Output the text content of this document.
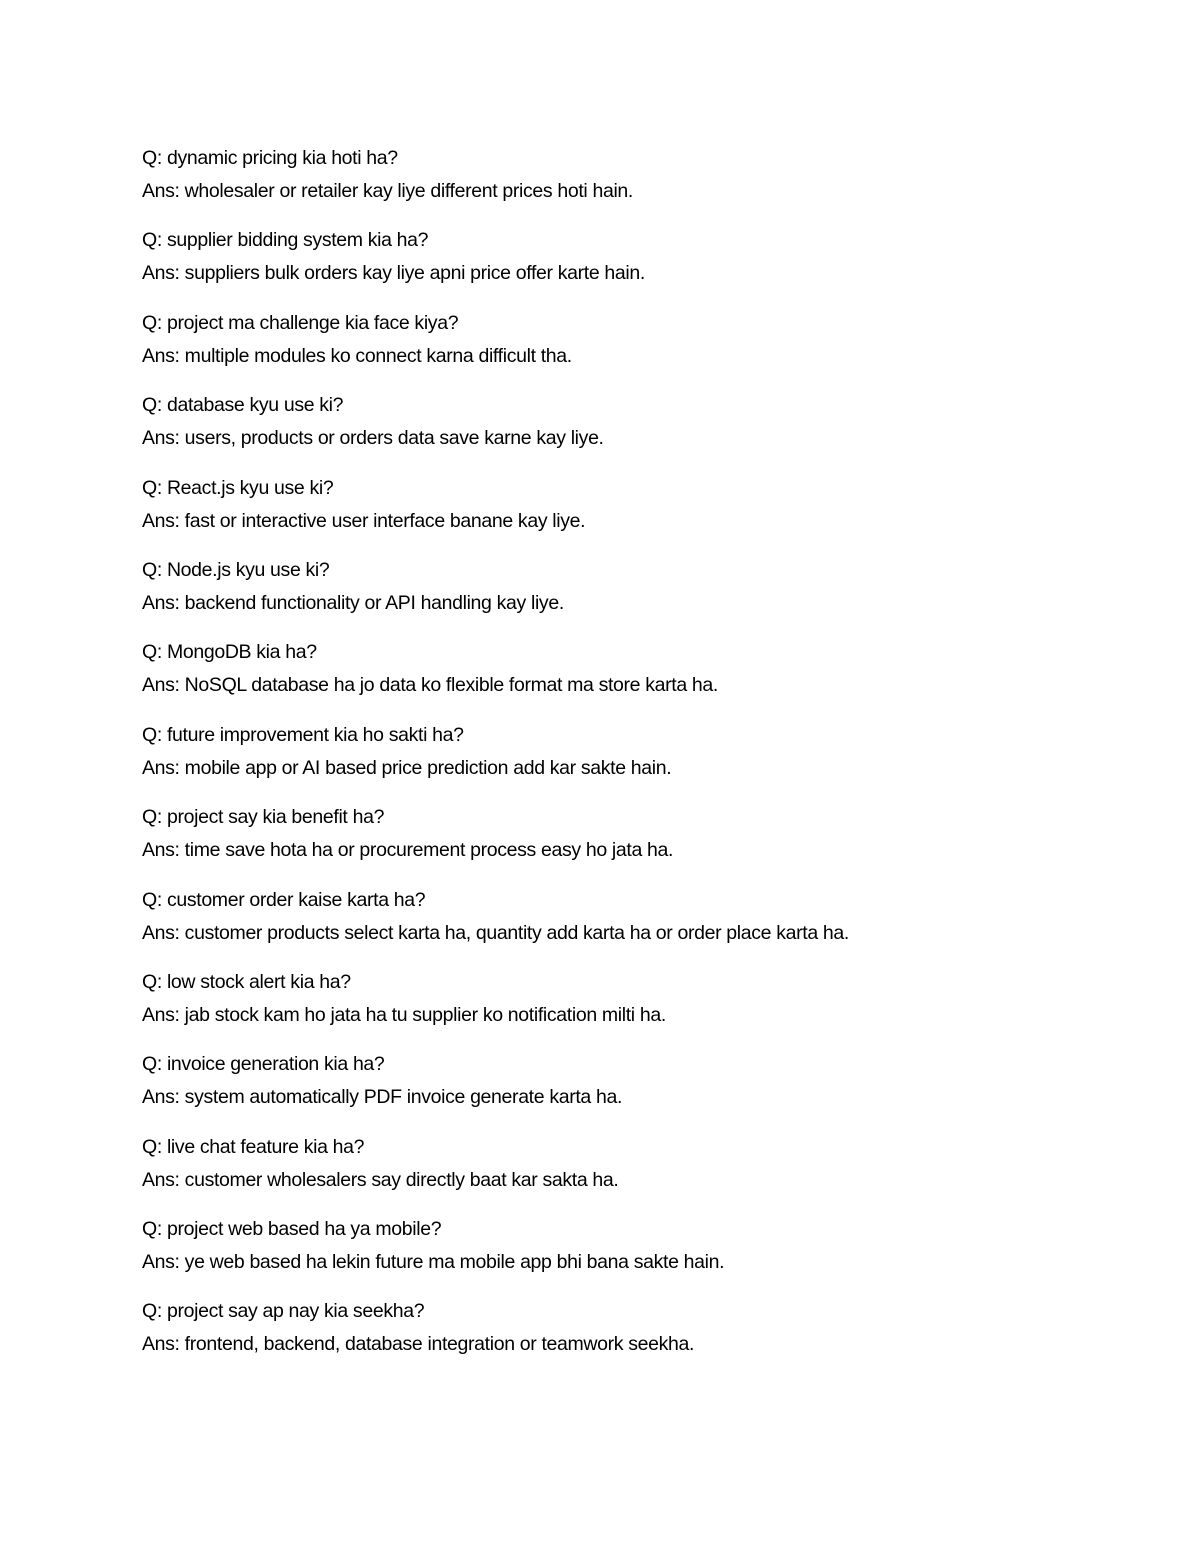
Q: dynamic pricing kia hoti ha?
Ans: wholesaler or retailer kay liye different prices hoti hain.
Q: supplier bidding system kia ha?
Ans: suppliers bulk orders kay liye apni price offer karte hain.
Q: project ma challenge kia face kiya?
Ans: multiple modules ko connect karna difficult tha.
Q: database kyu use ki?
Ans: users, products or orders data save karne kay liye.
Q: React.js kyu use ki?
Ans: fast or interactive user interface banane kay liye.
Q: Node.js kyu use ki?
Ans: backend functionality or API handling kay liye.
Q: MongoDB kia ha?
Ans: NoSQL database ha jo data ko flexible format ma store karta ha.
Q: future improvement kia ho sakti ha?
Ans: mobile app or AI based price prediction add kar sakte hain.
Q: project say kia benefit ha?
Ans: time save hota ha or procurement process easy ho jata ha.
Q: customer order kaise karta ha?
Ans: customer products select karta ha, quantity add karta ha or order place karta ha.
Q: low stock alert kia ha?
Ans: jab stock kam ho jata ha tu supplier ko notification milti ha.
Q: invoice generation kia ha?
Ans: system automatically PDF invoice generate karta ha.
Q: live chat feature kia ha?
Ans: customer wholesalers say directly baat kar sakta ha.
Q: project web based ha ya mobile?
Ans: ye web based ha lekin future ma mobile app bhi bana sakte hain.
Q: project say ap nay kia seekha?
Ans: frontend, backend, database integration or teamwork seekha.
